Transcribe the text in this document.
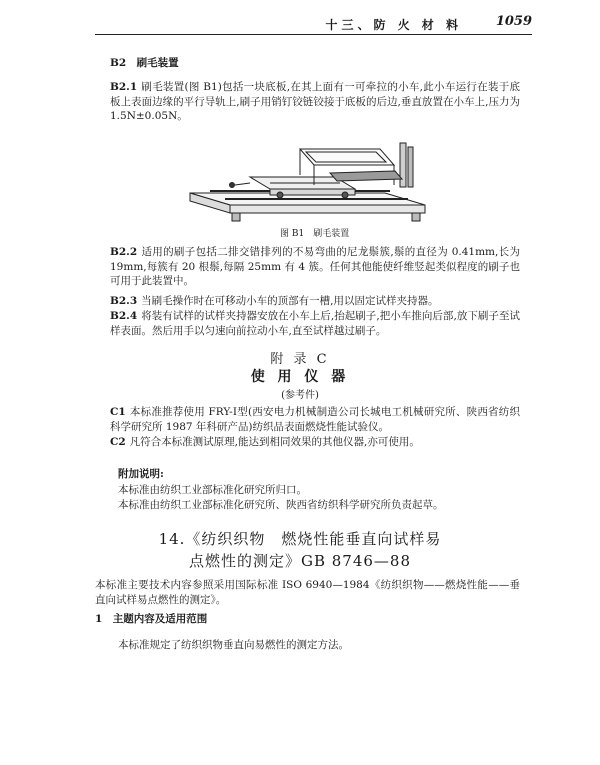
十三、防 火 材 料	1059
B2　刷毛装置
B2.1 刷毛装置(图 B1)包括一块底板,在其上面有一可牵拉的小车,此小车运行在装于底板上表面边缘的平行导轨上,刷子用销钉铰链铰接于底板的后边,垂直放置在小车上,压力为 1.5N±0.05N。
图 B1　刷毛装置
B2.2 适用的刷子包括二排交错排列的不易弯曲的尼龙鬃簇,鬃的直径为 0.41mm,长为 19mm,每簇有 20 根鬃,每隔 25mm 有 4 簇。任何其他能使纤维竖起类似程度的刷子也可用于此装置中。
B2.3 当刷毛操作时在可移动小车的顶部有一槽,用以固定试样夹持器。
B2.4 将装有试样的试样夹持器安放在小车上后,抬起刷子,把小车推向后部,放下刷子至试样表面。然后用手以匀速向前拉动小车,直至试样越过刷子。
附 录 C
使 用 仪 器
(参考件)
C1 本标准推荐使用 FRY-Ⅰ型(西安电力机械制造公司长城电工机械研究所、陕西省纺织科学研究所 1987 年科研产品)纺织品表面燃烧性能试验仪。
C2 凡符合本标准测试原理,能达到相同效果的其他仪器,亦可使用。
附加说明:
本标准由纺织工业部标准化研究所归口。
本标准由纺织工业部标准化研究所、陕西省纺织科学研究所负责起草。
14.《纺织织物　燃烧性能垂直向试样易
点燃性的测定》GB 8746—88
本标准主要技术内容参照采用国际标准 ISO 6940—1984《纺织织物——燃烧性能——垂直向试样易点燃性的测定》。
1　主题内容及适用范围
本标准规定了纺织织物垂直向易燃性的测定方法。
